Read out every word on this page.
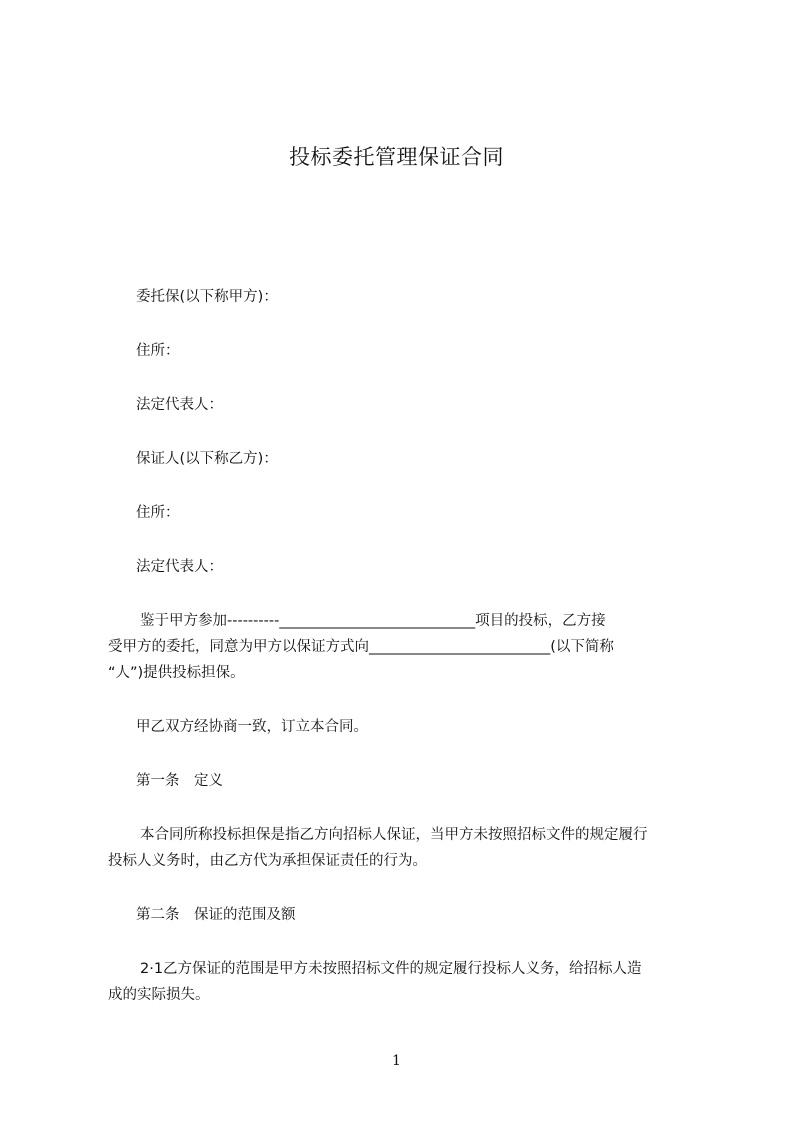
投标委托管理保证合同
委托保(以下称甲方)：
住所：
法定代表人：
保证人(以下称乙方)：
住所：
法定代表人：
鉴于甲方参加----------___________________________项目的投标，乙方接
受甲方的委托，同意为甲方以保证方式向_________________________(以下简称
“人”)提供投标担保。
甲乙双方经协商一致，订立本合同。
第一条　定义
本合同所称投标担保是指乙方向招标人保证，当甲方未按照招标文件的规定履行
投标人义务时，由乙方代为承担保证责任的行为。
第二条　保证的范围及额
2·1乙方保证的范围是甲方未按照招标文件的规定履行投标人义务，给招标人造
成的实际损失。
1
